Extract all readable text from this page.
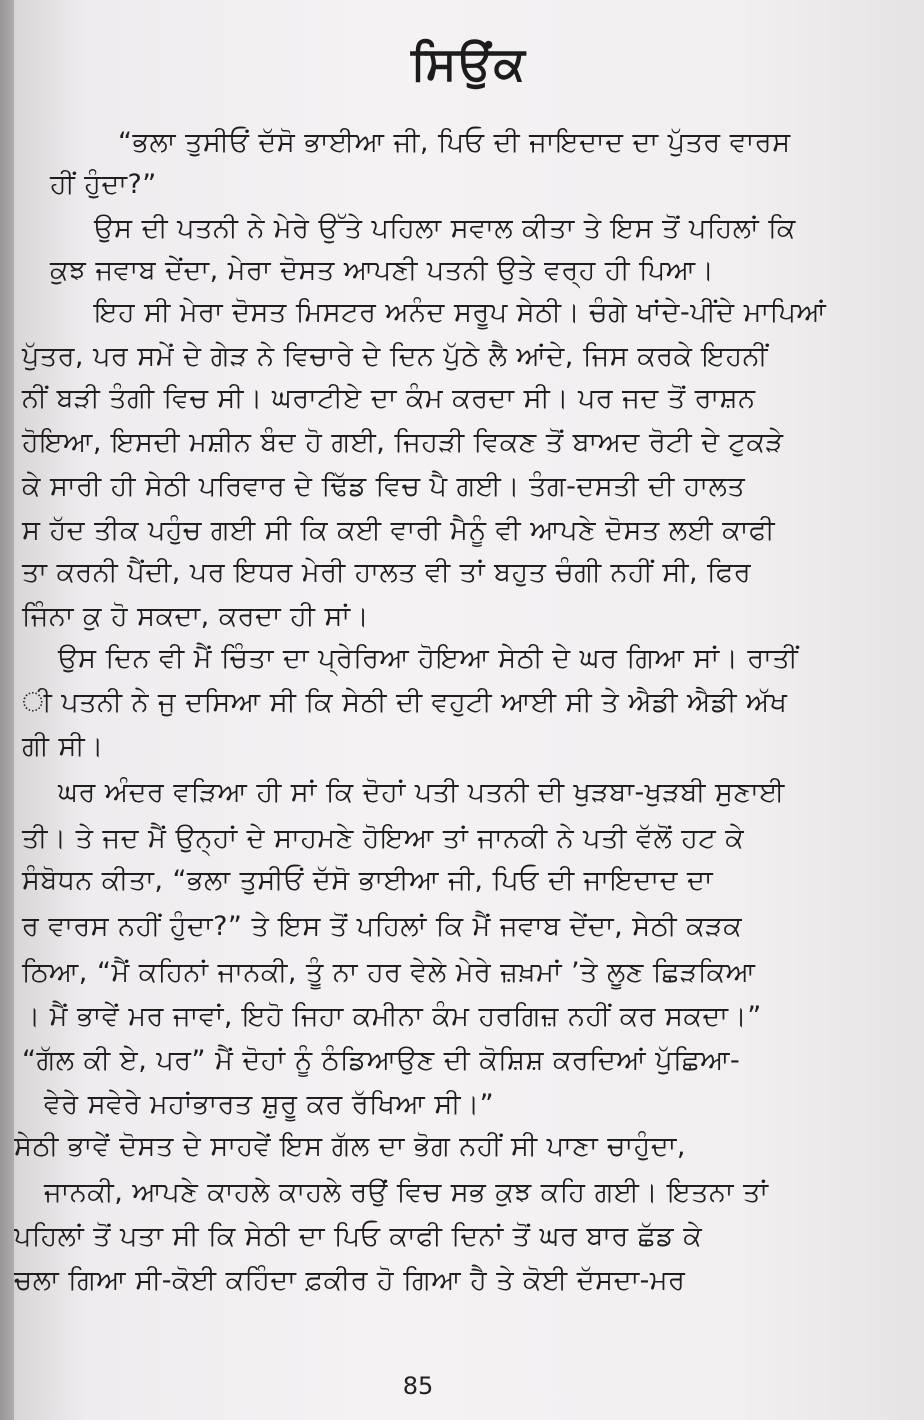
ਸਿਉਂਕ
“ਭਲਾ ਤੁਸੀਓਂ ਦੱਸੋ ਭਾਈਆ ਜੀ, ਪਿਓ ਦੀ ਜਾਇਦਾਦ ਦਾ ਪੁੱਤਰ ਵਾਰਸ
ਹੀਂ ਹੁੰਦਾ?”
ਉਸ ਦੀ ਪਤਨੀ ਨੇ ਮੇਰੇ ਉੱਤੇ ਪਹਿਲਾ ਸਵਾਲ ਕੀਤਾ ਤੇ ਇਸ ਤੋਂ ਪਹਿਲਾਂ ਕਿ
ਕੁਝ ਜਵਾਬ ਦੇਂਦਾ, ਮੇਰਾ ਦੋਸਤ ਆਪਣੀ ਪਤਨੀ ਉਤੇ ਵਰ੍ਹ ਹੀ ਪਿਆ।
ਇਹ ਸੀ ਮੇਰਾ ਦੋਸਤ ਮਿਸਟਰ ਅਨੰਦ ਸਰੂਪ ਸੇਠੀ। ਚੰਗੇ ਖਾਂਦੇ-ਪੀਂਦੇ ਮਾਪਿਆਂ
ਪੁੱਤਰ, ਪਰ ਸਮੇਂ ਦੇ ਗੇੜ ਨੇ ਵਿਚਾਰੇ ਦੇ ਦਿਨ ਪੁੱਠੇ ਲੈ ਆਂਦੇ, ਜਿਸ ਕਰਕੇ ਇਹਨੀਂ
ਨੀਂ ਬੜੀ ਤੰਗੀ ਵਿਚ ਸੀ। ਘਰਾਟੀਏ ਦਾ ਕੰਮ ਕਰਦਾ ਸੀ। ਪਰ ਜਦ ਤੋਂ ਰਾਸ਼ਨ
ਹੋਇਆ, ਇਸਦੀ ਮਸ਼ੀਨ ਬੰਦ ਹੋ ਗਈ, ਜਿਹੜੀ ਵਿਕਣ ਤੋਂ ਬਾਅਦ ਰੋਟੀ ਦੇ ਟੁਕੜੇ
ਕੇ ਸਾਰੀ ਹੀ ਸੇਠੀ ਪਰਿਵਾਰ ਦੇ ਢਿੱਡ ਵਿਚ ਪੈ ਗਈ। ਤੰਗ-ਦਸਤੀ ਦੀ ਹਾਲਤ
ਸ ਹੱਦ ਤੀਕ ਪਹੁੰਚ ਗਈ ਸੀ ਕਿ ਕਈ ਵਾਰੀ ਮੈਨੂੰ ਵੀ ਆਪਣੇ ਦੋਸਤ ਲਈ ਕਾਫੀ
ਤਾ ਕਰਨੀ ਪੈਂਦੀ, ਪਰ ਇਧਰ ਮੇਰੀ ਹਾਲਤ ਵੀ ਤਾਂ ਬਹੁਤ ਚੰਗੀ ਨਹੀਂ ਸੀ, ਫਿਰ
ਜਿੰਨਾ ਕੁ ਹੋ ਸਕਦਾ, ਕਰਦਾ ਹੀ ਸਾਂ।
ਉਸ ਦਿਨ ਵੀ ਮੈਂ ਚਿੰਤਾ ਦਾ ਪ੍ਰੇਰਿਆ ਹੋਇਆ ਸੇਠੀ ਦੇ ਘਰ ਗਿਆ ਸਾਂ। ਰਾਤੀਂ
ੀ ਪਤਨੀ ਨੇ ਜੁ ਦਸਿਆ ਸੀ ਕਿ ਸੇਠੀ ਦੀ ਵਹੁਟੀ ਆਈ ਸੀ ਤੇ ਐਡੀ ਐਡੀ ਅੱਖ
ਗੀ ਸੀ।
ਘਰ ਅੰਦਰ ਵੜਿਆ ਹੀ ਸਾਂ ਕਿ ਦੋਹਾਂ ਪਤੀ ਪਤਨੀ ਦੀ ਖੁੜਬਾ-ਖੁੜਬੀ ਸੁਣਾਈ
ਤੀ। ਤੇ ਜਦ ਮੈਂ ਉਨ੍ਹਾਂ ਦੇ ਸਾਹਮਣੇ ਹੋਇਆ ਤਾਂ ਜਾਨਕੀ ਨੇ ਪਤੀ ਵੱਲੋਂ ਹਟ ਕੇ
ਸੰਬੋਧਨ ਕੀਤਾ, “ਭਲਾ ਤੁਸੀਓਂ ਦੱਸੋ ਭਾਈਆ ਜੀ, ਪਿਓ ਦੀ ਜਾਇਦਾਦ ਦਾ
ਰ ਵਾਰਸ ਨਹੀਂ ਹੁੰਦਾ?” ਤੇ ਇਸ ਤੋਂ ਪਹਿਲਾਂ ਕਿ ਮੈਂ ਜਵਾਬ ਦੇਂਦਾ, ਸੇਠੀ ਕੜਕ
ਠਿਆ, “ਮੈਂ ਕਹਿਨਾਂ ਜਾਨਕੀ, ਤੂੰ ਨਾ ਹਰ ਵੇਲੇ ਮੇਰੇ ਜ਼ਖ਼ਮਾਂ ’ਤੇ ਲੂਣ ਛਿੜਕਿਆ
। ਮੈਂ ਭਾਵੇਂ ਮਰ ਜਾਵਾਂ, ਇਹੋ ਜਿਹਾ ਕਮੀਨਾ ਕੰਮ ਹਰਗਿਜ਼ ਨਹੀਂ ਕਰ ਸਕਦਾ।”
“ਗੱਲ ਕੀ ਏ, ਪਰ” ਮੈਂ ਦੋਹਾਂ ਨੂੰ ਠੰਡਿਆਉਣ ਦੀ ਕੋਸ਼ਿਸ਼ ਕਰਦਿਆਂ ਪੁੱਛਿਆ-
ਵੇਰੇ ਸਵੇਰੇ ਮਹਾਂਭਾਰਤ ਸ਼ੁਰੂ ਕਰ ਰੱਖਿਆ ਸੀ।”
ਸੇਠੀ ਭਾਵੇਂ ਦੋਸਤ ਦੇ ਸਾਹਵੇਂ ਇਸ ਗੱਲ ਦਾ ਭੋਗ ਨਹੀਂ ਸੀ ਪਾਣਾ ਚਾਹੁੰਦਾ,
ਜਾਨਕੀ, ਆਪਣੇ ਕਾਹਲੇ ਕਾਹਲੇ ਰਉਂ ਵਿਚ ਸਭ ਕੁਝ ਕਹਿ ਗਈ। ਇਤਨਾ ਤਾਂ
ਪਹਿਲਾਂ ਤੋਂ ਪਤਾ ਸੀ ਕਿ ਸੇਠੀ ਦਾ ਪਿਓ ਕਾਫੀ ਦਿਨਾਂ ਤੋਂ ਘਰ ਬਾਰ ਛੱਡ ਕੇ
ਚਲਾ ਗਿਆ ਸੀ-ਕੋਈ ਕਹਿੰਦਾ ਫ਼ਕੀਰ ਹੋ ਗਿਆ ਹੈ ਤੇ ਕੋਈ ਦੱਸਦਾ-ਮਰ
85
